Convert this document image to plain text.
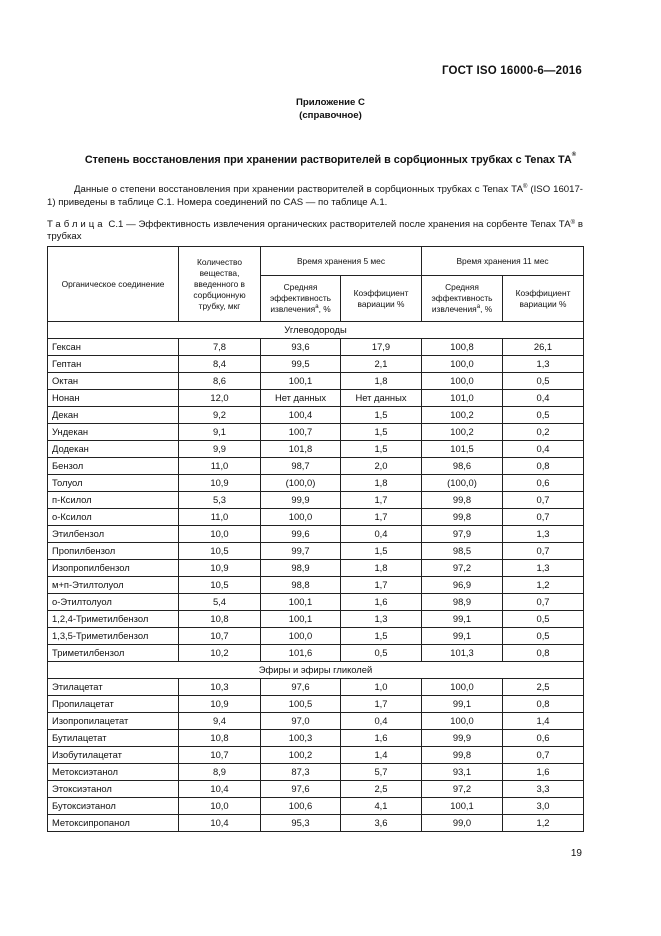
ГОСТ ISO 16000-6—2016
Приложение С
(справочное)
Степень восстановления при хранении растворителей в сорбционных трубках с Tenax ТА®
Данные о степени восстановления при хранении растворителей в сорбционных трубках с Tenax ТА® (ISO 16017-1) приведены в таблице С.1. Номера соединений по CAS — по таблице А.1.
Таблица С.1 — Эффективность извлечения органических растворителей после хранения на сорбенте Tenax ТА® в трубках
Органическое соединение	Количество вещества, введенного в сорбционную трубку, мкг	Время хранения 5 мес		Время хранения 11 мес	
		Средняя эффективность извлечения$^а$, %	Коэффициент вариации %	Средняя эффективность извлечения$^а$, %	Коэффициент вариации %
Углеводороды					
Гексан	7,8	93,6	17,9	100,8	26,1
Гептан	8,4	99,5	2,1	100,0	1,3
Октан	8,6	100,1	1,8	100,0	0,5
Нонан	12,0	Нет данных	Нет данных	101,0	0,4
Декан	9,2	100,4	1,5	100,2	0,5
Ундекан	9,1	100,7	1,5	100,2	0,2
Додекан	9,9	101,8	1,5	101,5	0,4
Бензол	11,0	98,7	2,0	98,6	0,8
Толуол	10,9	(100,0)	1,8	(100,0)	0,6
п-Ксилол	5,3	99,9	1,7	99,8	0,7
о-Ксилол	11,0	100,0	1,7	99,8	0,7
Этилбензол	10,0	99,6	0,4	97,9	1,3
Пропилбензол	10,5	99,7	1,5	98,5	0,7
Изопропилбензол	10,9	98,9	1,8	97,2	1,3
м+п-Этилтолуол	10,5	98,8	1,7	96,9	1,2
о-Этилтолуол	5,4	100,1	1,6	98,9	0,7
1,2,4-Триметилбензол	10,8	100,1	1,3	99,1	0,5
1,3,5-Триметилбензол	10,7	100,0	1,5	99,1	0,5
Триметилбензол	10,2	101,6	0,5	101,3	0,8
Эфиры и эфиры гликолей					
Этилацетат	10,3	97,6	1,0	100,0	2,5
Пропилацетат	10,9	100,5	1,7	99,1	0,8
Изопропилацетат	9,4	97,0	0,4	100,0	1,4
Бутилацетат	10,8	100,3	1,6	99,9	0,6
Изобутилацетат	10,7	100,2	1,4	99,8	0,7
Метоксиэтанол	8,9	87,3	5,7	93,1	1,6
Этоксиэтанол	10,4	97,6	2,5	97,2	3,3
Бутоксиэтанол	10,0	100,6	4,1	100,1	3,0
Метоксипропанол	10,4	95,3	3,6	99,0	1,2
19
